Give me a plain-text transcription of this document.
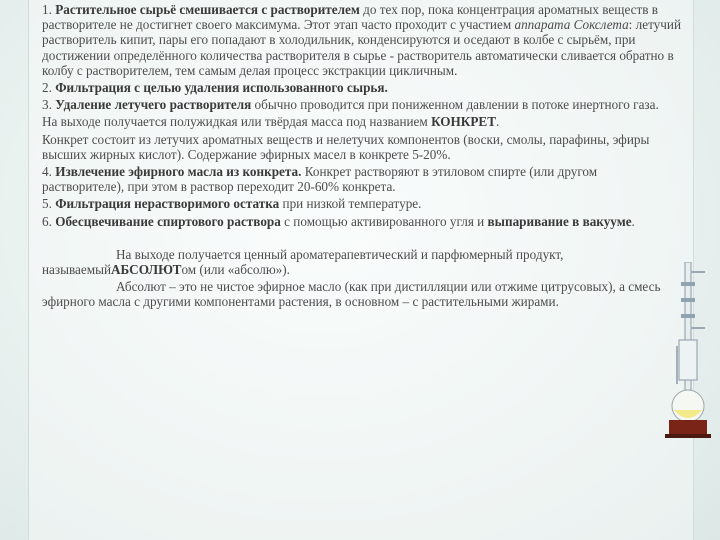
1. Растительное сырьё смешивается с растворителем до тех пор, пока концентрация ароматных веществ в растворителе не достигнет своего максимума. Этот этап часто проходит с участием аппарата Сокслета: летучий растворитель кипит, пары его попадают в холодильник, конденсируются и оседают в колбе с сырьём, при достижении определённого количества растворителя в сырье - растворитель автоматически сливается обратно в колбу с растворителем, тем самым делая процесс экстракции цикличным.

2. Фильтрация с целью удаления использованного сырья.

3. Удаление летучего растворителя обычно проводится при пониженном давлении в потоке инертного газа.

На выходе получается полужидкая или твёрдая масса под названием КОНКРЕТ.

Конкрет состоит из летучих ароматных веществ и нелетучих компонентов (воски, смолы, парафины, эфиры высших жирных кислот). Содержание эфирных масел в конкрете 5-20%.

4. Извлечение эфирного масла из конкрета. Конкрет растворяют в этиловом спирте (или другом растворителе), при этом в раствор переходит 20-60% конкрета.

5. Фильтрация нерастворимого остатка при низкой температуре.

6. Обесцвечивание спиртового раствора с помощью активированного угля и выпаривание в вакууме.

На выходе получается ценный ароматерапевтический и парфюмерный продукт, называемыйАБСОЛЮТом (или «абсолю»).

Абсолют – это не чистое эфирное масло (как при дистилляции или отжиме цитрусовых), а смесь эфирного масла с другими компонентами растения, в основном – с растительными жирами.
